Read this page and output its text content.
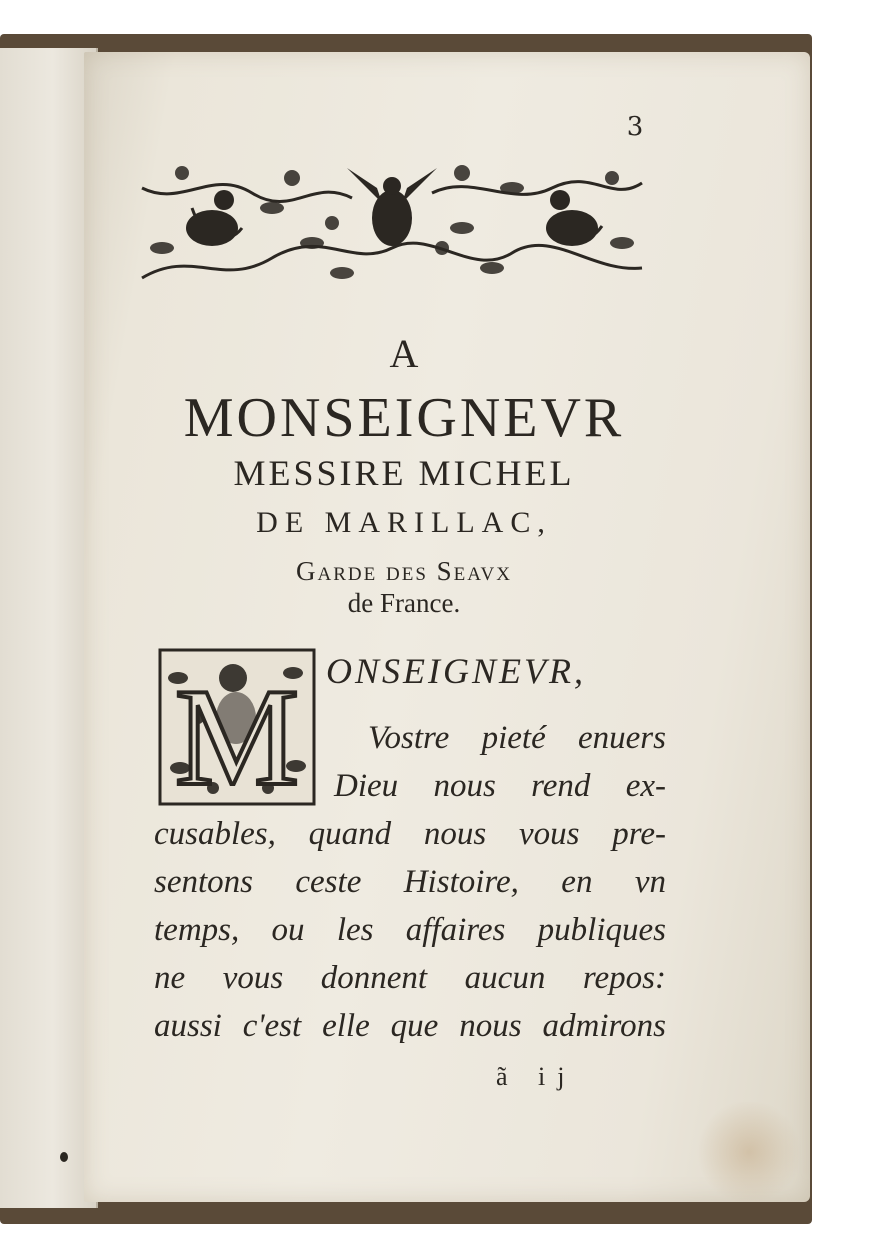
3
A
MONSEIGNEVR
MESSIRE MICHEL
DE MARILLAC,
Garde des Seavx
de France.
M ONSEIGNEVR,
Vostre pieté enuers
Dieu nous rend ex-
cusables, quand nous vous pre-
sentons ceste Histoire, en vn
temps, ou les affaires publiques
ne vous donnent aucun repos:
aussi c'est elle que nous admirons
ã ij
